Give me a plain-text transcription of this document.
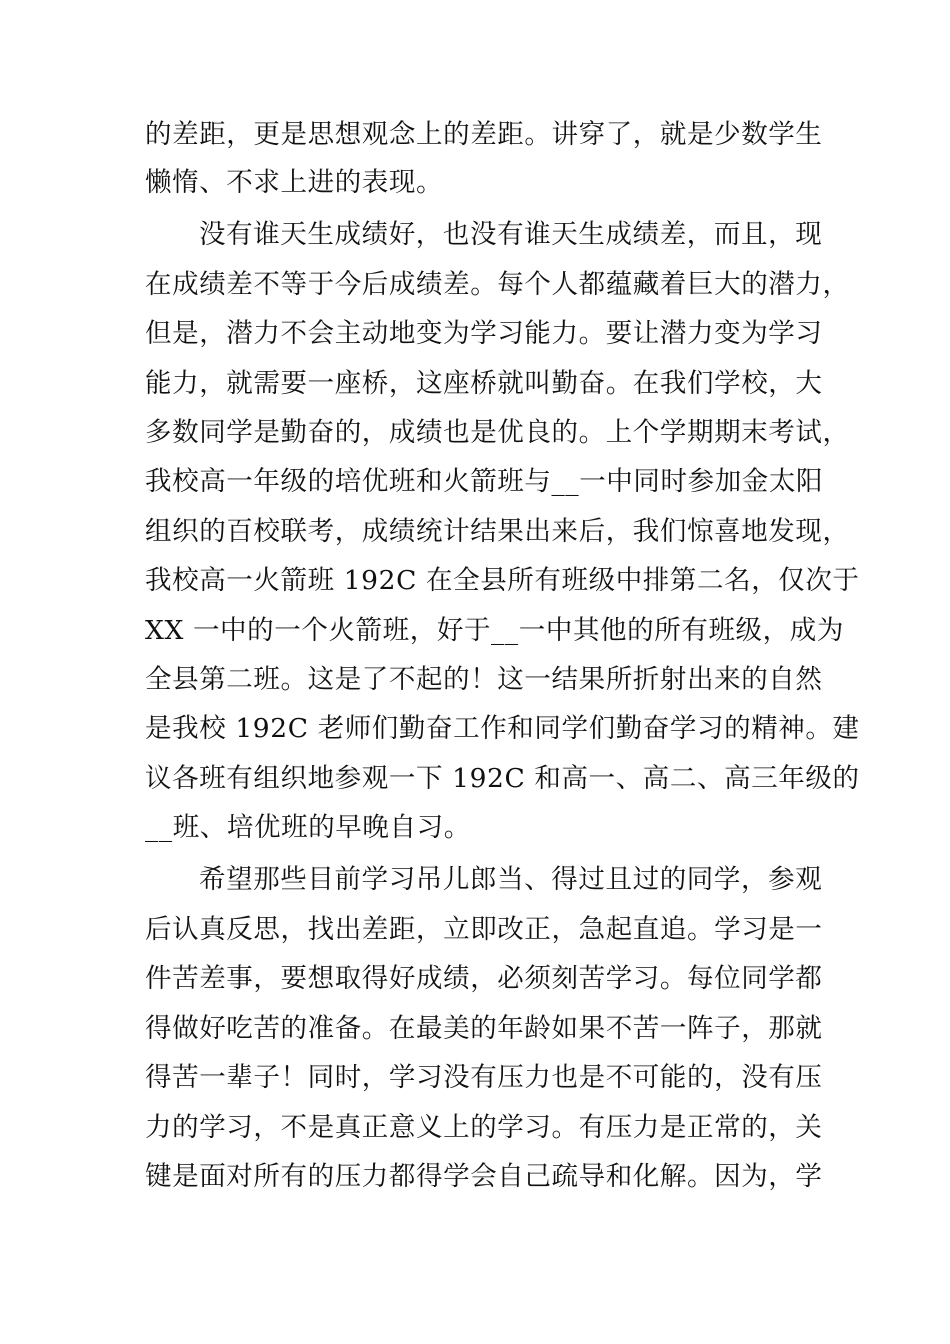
的差距，更是思想观念上的差距。讲穿了，就是少数学生
懒惰、不求上进的表现。
没有谁天生成绩好，也没有谁天生成绩差，而且，现
在成绩差不等于今后成绩差。每个人都蕴藏着巨大的潜力，
但是，潜力不会主动地变为学习能力。要让潜力变为学习
能力，就需要一座桥，这座桥就叫勤奋。在我们学校，大
多数同学是勤奋的，成绩也是优良的。上个学期期末考试，
我校高一年级的培优班和火箭班与__一中同时参加金太阳
组织的百校联考，成绩统计结果出来后，我们惊喜地发现，
我校高一火箭班 192C 在全县所有班级中排第二名，仅次于
XX 一中的一个火箭班，好于__一中其他的所有班级，成为
全县第二班。这是了不起的！这一结果所折射出来的自然
是我校 192C 老师们勤奋工作和同学们勤奋学习的精神。建
议各班有组织地参观一下 192C 和高一、高二、高三年级的
__班、培优班的早晚自习。
希望那些目前学习吊儿郎当、得过且过的同学，参观
后认真反思，找出差距，立即改正，急起直追。学习是一
件苦差事，要想取得好成绩，必须刻苦学习。每位同学都
得做好吃苦的准备。在最美的年龄如果不苦一阵子，那就
得苦一辈子！同时，学习没有压力也是不可能的，没有压
力的学习，不是真正意义上的学习。有压力是正常的，关
键是面对所有的压力都得学会自己疏导和化解。因为，学
